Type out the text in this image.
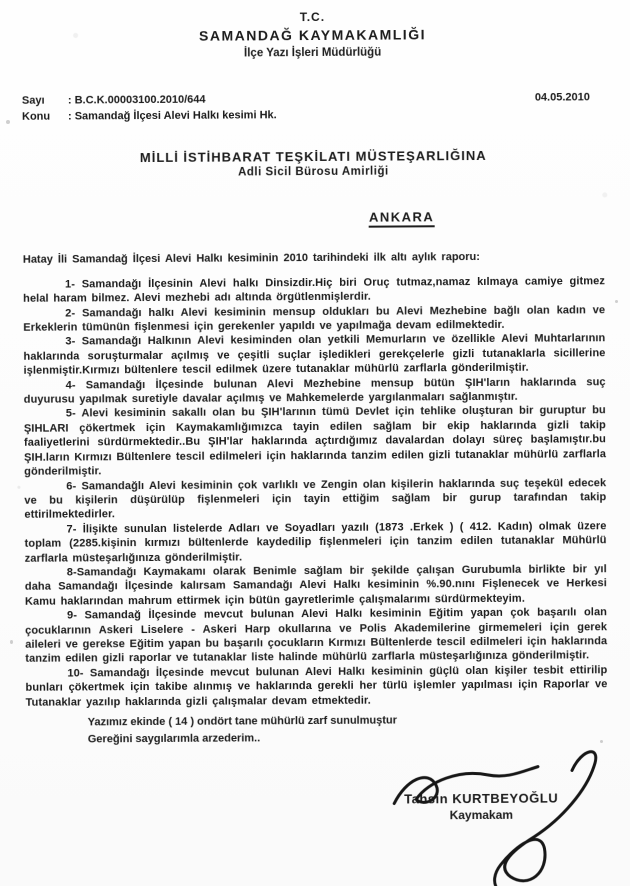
T.C.
SAMANDAĞ KAYMAKAMLIĞI
İlçe Yazı İşleri Müdürlüğü
Sayı	: B.C.K.00003100.2010/644	04.05.2010
Konu	: Samandağ İlçesi Alevi Halkı kesimi Hk.
MİLLİ İSTİHBARAT TEŞKİLATI MÜSTEŞARLIĞINA
Adli Sicil Bürosu Amirliği
ANKARA
Hatay İli Samandağ İlçesi Alevi Halkı kesiminin 2010 tarihindeki ilk altı aylık raporu:

1- Samandağı İlçesinin Alevi halkı Dinsizdir.Hiç biri Oruç tutmaz,namaz kılmaya camiye gitmez helal haram bilmez. Alevi mezhebi adı altında örgütlenmişlerdir.

2- Samandağı halkı Alevi kesiminin mensup oldukları bu Alevi Mezhebine bağlı olan kadın ve Erkeklerin tümünün fişlenmesi için gerekenler yapıldı ve yapılmağa devam edilmektedir.

3- Samandağı Halkının Alevi kesiminden olan yetkili Memurların ve özellikle Alevi Muhtarlarının haklarında soruşturmalar açılmış ve çeşitli suçlar işledikleri gerekçelerle gizli tutanaklarla sicillerine işlenmiştir.Kırmızı bültenlere tescil edilmek üzere tutanaklar mühürlü zarflarla gönderilmiştir.

4- Samandağı İlçesinde bulunan Alevi Mezhebine mensup bütün ŞIH'ların haklarında suç duyurusu yapılmak suretiyle davalar açılmış ve Mahkemelerde yargılanmaları sağlanmıştır.

5- Alevi kesiminin sakallı olan bu ŞIH'larının tümü Devlet için tehlike oluşturan bir guruptur bu ŞIHLARI çökertmek için Kaymakamlığımızca tayin edilen sağlam bir ekip haklarında gizli takip faaliyetlerini sürdürmektedir..Bu ŞIH'lar haklarında açtırdığımız davalardan dolayı süreç başlamıştır.bu ŞIH.ların Kırmızı Bültenlere tescil edilmeleri için haklarında tanzim edilen gizli tutanaklar mühürlü zarflarla gönderilmiştir.

6- Samandağlı Alevi kesiminin çok varlıklı ve Zengin olan kişilerin haklarında suç teşekül edecek ve bu kişilerin düşürülüp fişlenmeleri için tayin ettiğim sağlam bir gurup tarafından takip ettirilmektedirler.

7- İlişikte sunulan listelerde Adları ve Soyadları yazılı (1873 .Erkek ) ( 412. Kadın) olmak üzere toplam (2285.kişinin kırmızı bültenlerde kaydedilip fişlenmeleri için tanzim edilen tutanaklar Mühürlü zarflarla müsteşarlığınıza gönderilmiştir.

8-Samandağı Kaymakamı olarak Benimle sağlam bir şekilde çalışan Gurubumla birlikte bir yıl daha Samandağı İlçesinde kalırsam Samandağı Alevi Halkı kesiminin %.90.nını Fişlenecek ve Herkesi Kamu haklarından mahrum ettirmek için bütün gayretlerimle çalışmalarımı sürdürmekteyim.

9- Samandağ İlçesinde mevcut bulunan Alevi Halkı kesiminin Eğitim yapan çok başarılı olan çocuklarının Askeri Liselere - Askeri Harp okullarına ve Polis Akademilerine girmemeleri için gerek aileleri ve gerekse Eğitim yapan bu başarılı çocukların Kırmızı Bültenlerde tescil edilmeleri için haklarında tanzim edilen gizli raporlar ve tutanaklar liste halinde mühürlü zarflarla müsteşarlığınıza gönderilmiştir.

10- Samandağı İlçesinde mevcut bulunan Alevi Halkı kesiminin güçlü olan kişiler tesbit ettirilip bunları çökertmek için takibe alınmış ve haklarında gerekli her türlü işlemler yapılması için Raporlar ve Tutanaklar yazılıp haklarında gizli çalışmalar devam etmektedir.

Yazımız ekinde ( 14 ) ondört tane mühürlü zarf sunulmuştur
Gereğini saygılarımla arzederim..
Tahsin KURTBEYOĞLU
Kaymakam
